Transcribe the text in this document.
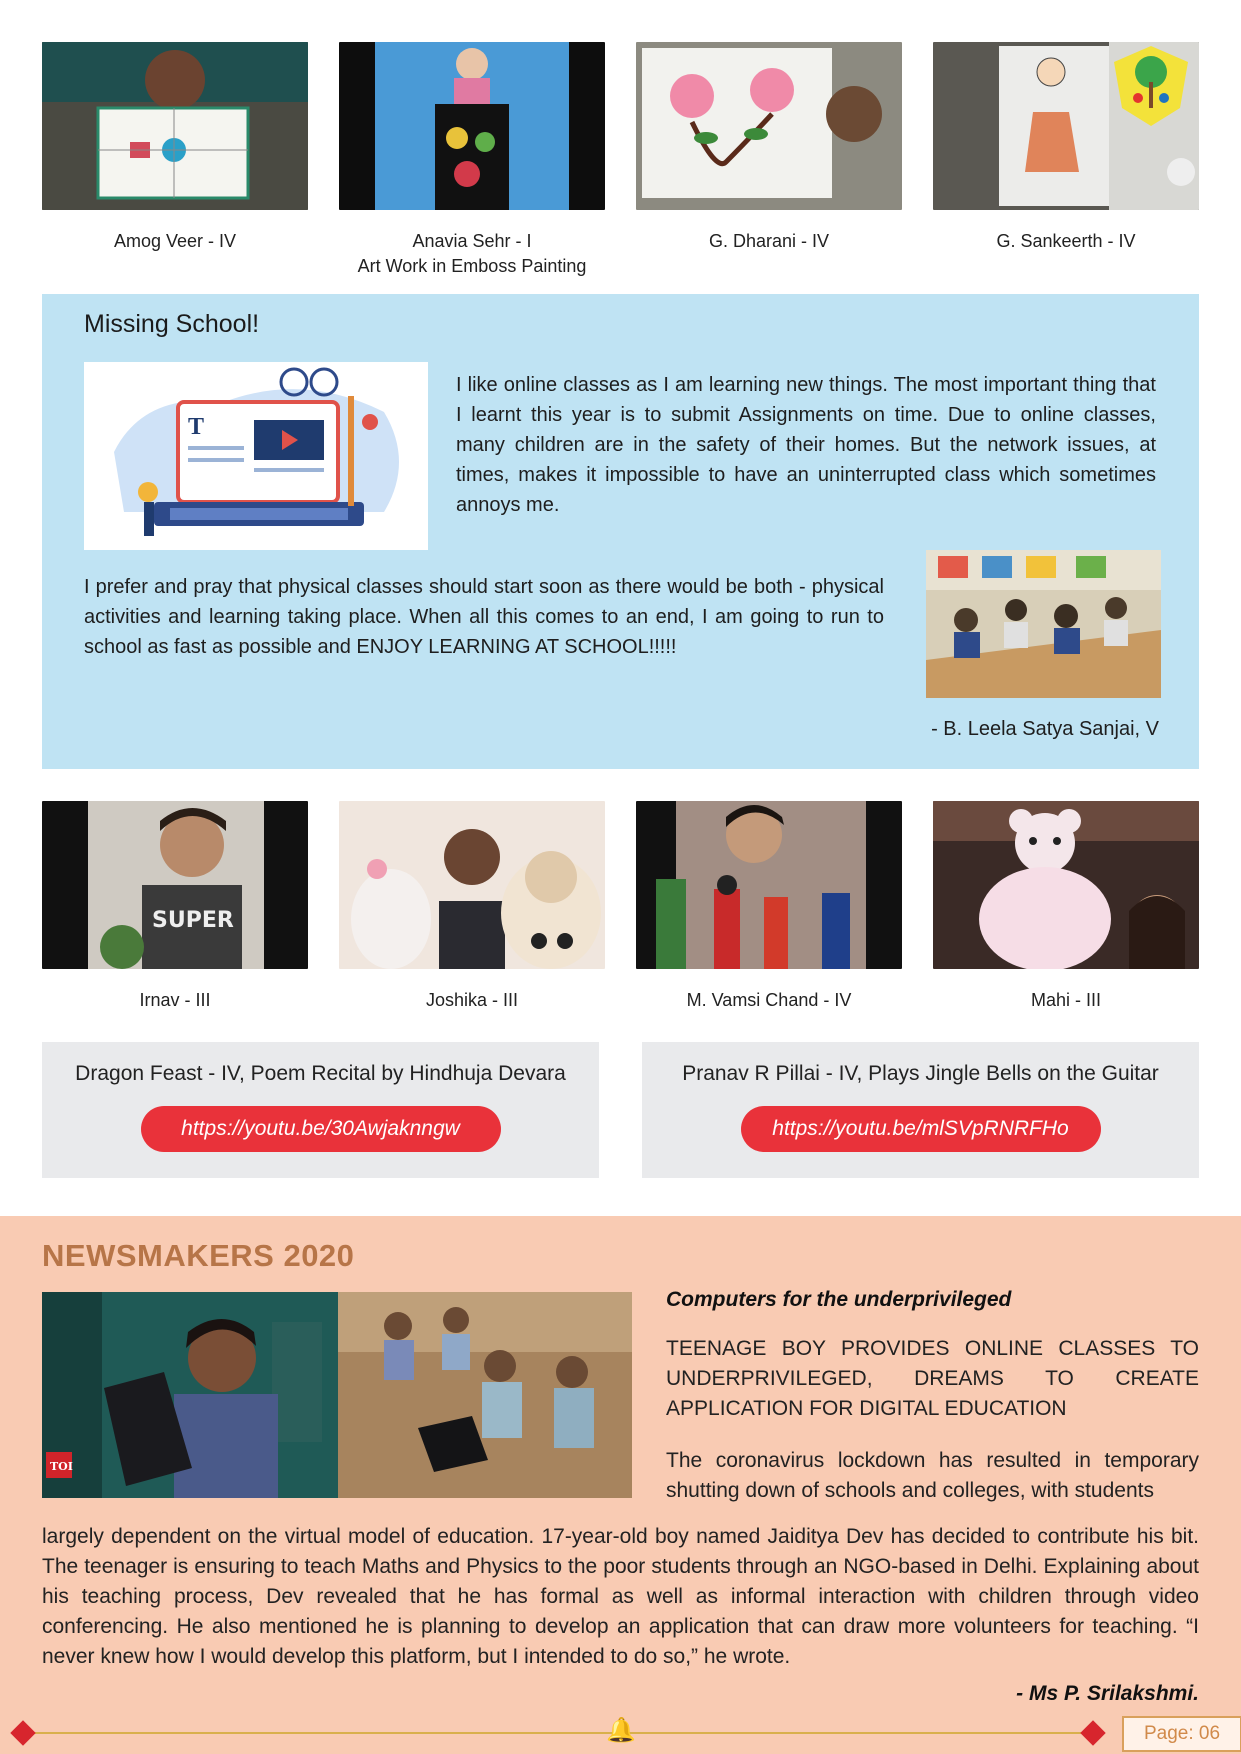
Amog Veer - IV	Anavia Sehr - I
Art Work in Emboss Painting
G. Dharani - IV	G. Sankeerth - IV
Missing School!
T
I like online classes as I am learning new things. The most important thing that I learnt this year is to submit Assignments on time. Due to online classes, many children are in the safety of their homes. But the network issues, at times, makes it impossible to have an uninterrupted class which sometimes annoys me.
I prefer and pray that physical classes should start soon as there would be both - physical activities and learning taking place. When all this comes to an end, I am going to run to school as fast as possible and ENJOY LEARNING AT SCHOOL!!!!!
- B. Leela Satya Sanjai, V
SUPER
Irnav - III	Joshika - III	M. Vamsi Chand - IV	Mahi - III
Dragon Feast - IV, Poem Recital by Hindhuja Devara
https://youtu.be/30Awjaknngw
Pranav R Pillai - IV, Plays Jingle Bells on the Guitar
https://youtu.be/mlSVpRNRFHo
NEWSMAKERS 2020
TOI
Computers for the underprivileged
TEENAGE BOY PROVIDES ONLINE CLASSES TO UNDERPRIVILEGED, DREAMS TO CREATE
APPLICATION FOR DIGITAL EDUCATION
The coronavirus lockdown has resulted in temporary shutting down of schools and colleges, with students
largely dependent on the virtual model of education. 17-year-old boy named Jaiditya Dev has decided to contribute his bit. The teenager is ensuring to teach Maths and Physics to the poor students through an NGO-based in Delhi. Explaining about his teaching process, Dev revealed that he has formal as well as informal interaction with children through video conferencing. He also mentioned he is planning to develop an application that can draw more volunteers for teaching. “I never knew how I would develop this platform, but I intended to do so,” he wrote.
- Ms P. Srilakshmi.
🔔	Page: 06
